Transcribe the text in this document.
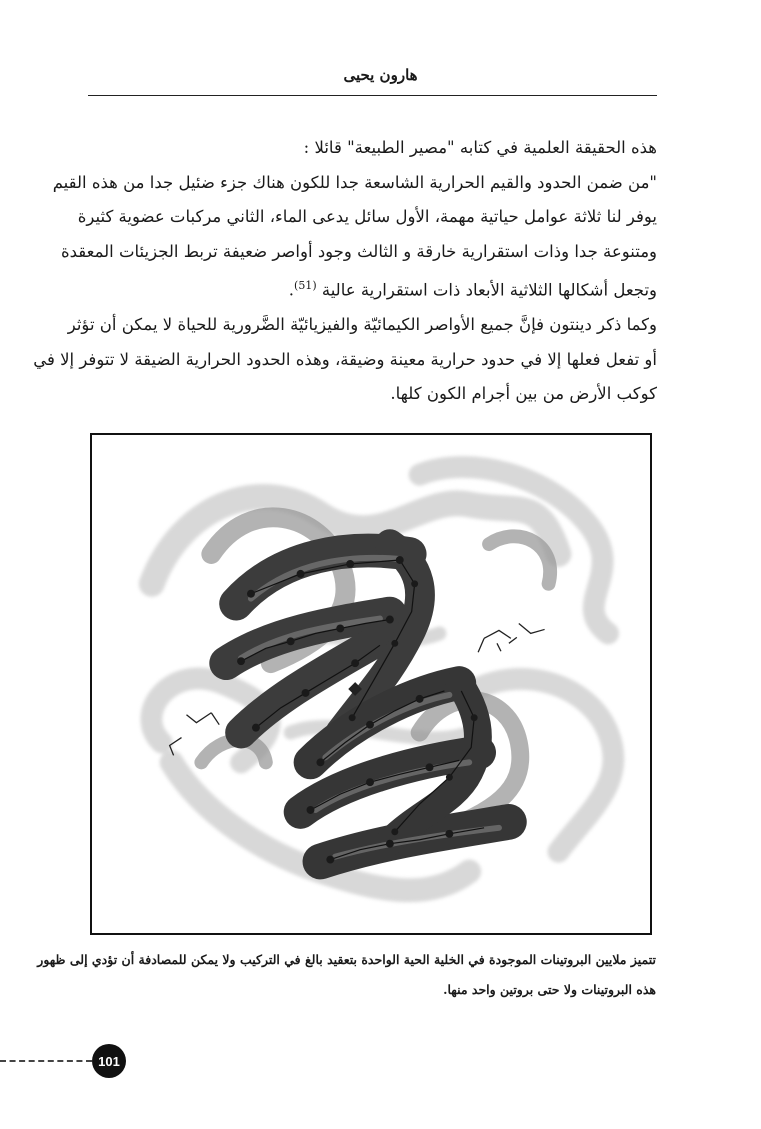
هارون يحيى
هذه الحقيقة العلمية في كتابه "مصير الطبيعة" قائلا :
"من ضمن الحدود والقيم الحرارية الشاسعة جدا للكون هناك جزء ضئيل جدا من هذه القيم
يوفر لنا ثلاثة عوامل حياتية مهمة، الأول سائل يدعى الماء، الثاني مركبات عضوية كثيرة
ومتنوعة جدا وذات استقرارية خارقة و الثالث وجود أواصر ضعيفة تربط الجزيئات المعقدة
وتجعل أشكالها الثلاثية الأبعاد ذات استقرارية عالية $^{(51)}$.
وكما ذكر دينتون فإنَّ جميع الأواصر الكيمائيّة والفيزيائيّة الضَّرورية للحياة لا يمكن أن تؤثر
أو تفعل فعلها إلا في حدود حرارية معينة وضيقة، وهذه الحدود الحرارية الضيقة لا تتوفر إلا في
كوكب الأرض من بين أجرام الكون كلها.
تتميز ملايين البروتينات الموجودة في الخلية الحية الواحدة بتعقيد بالغ في التركيب ولا يمكن للمصادفة أن تؤدي إلى ظهور
هذه البروتينات ولا حتى بروتين واحد منها.
101
